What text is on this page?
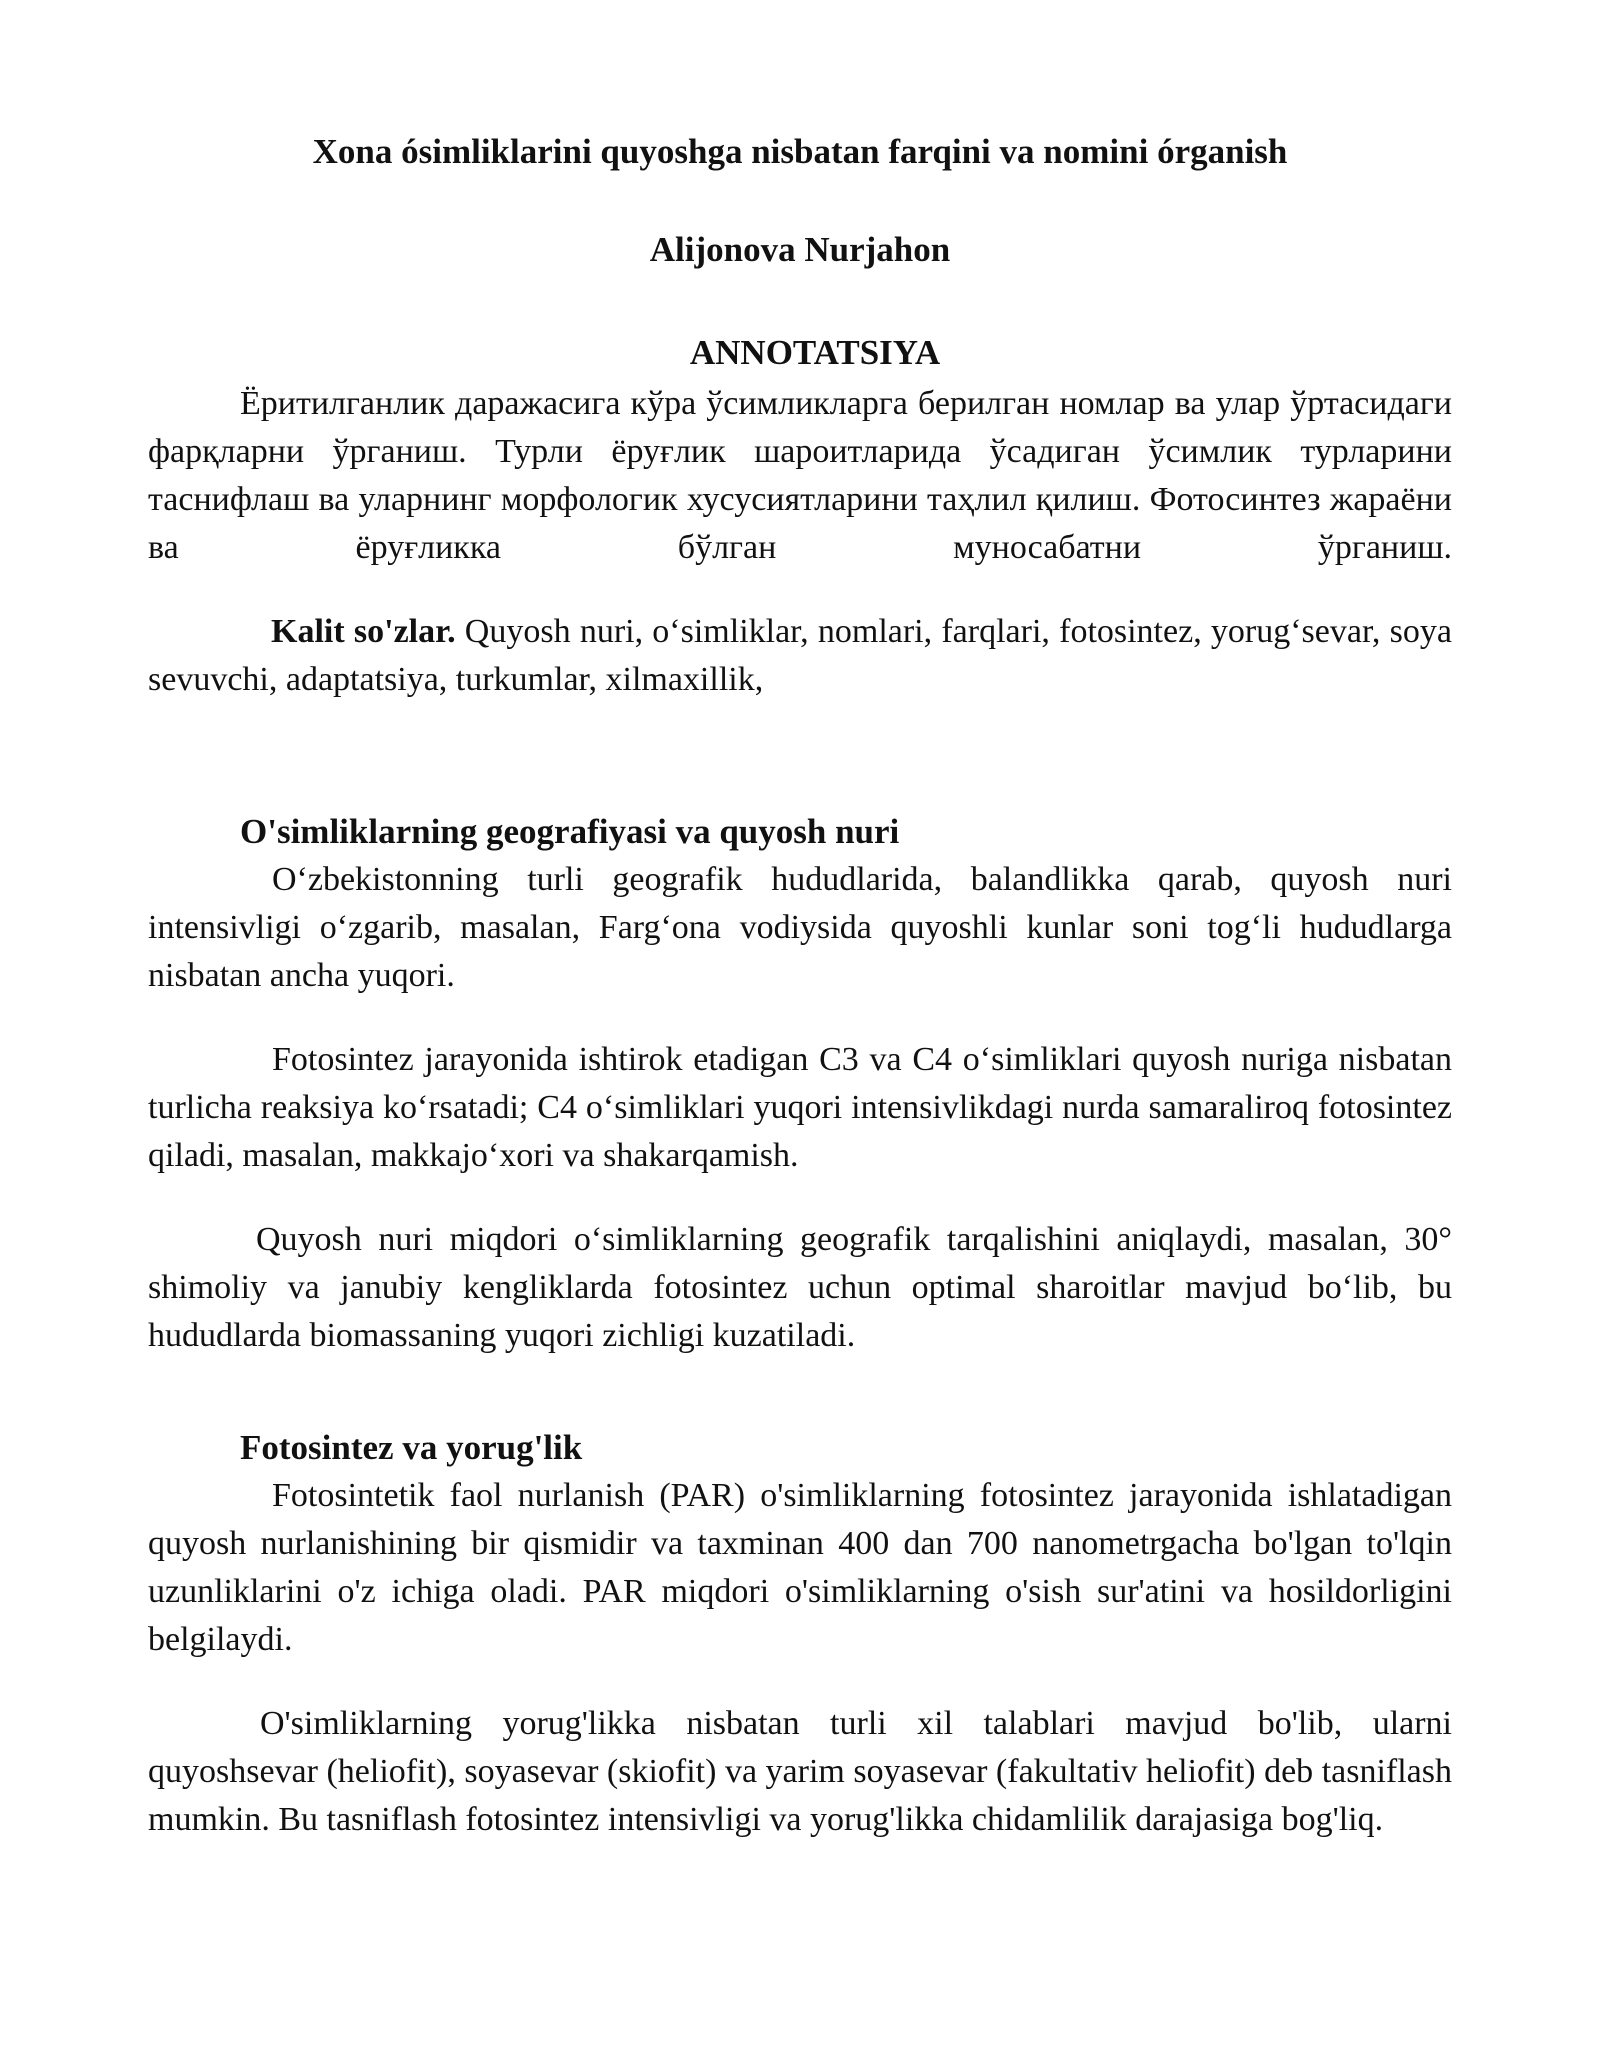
Xona ósimliklarini quyoshga nisbatan farqini va nomini órganish
Alijonova Nurjahon
ANNOTATSIYA

Ёритилганлик даражасига кўра ўсимликларга берилган номлар ва улар ўртасидаги фарқларни ўрганиш. Турли ёруғлик шароитларида ўсадиган ўсимлик турларини таснифлаш ва уларнинг морфологик хусусиятларини таҳлил қилиш. Фотосинтез жараёни ва ёруғликка бўлган муносабатни ўрганиш.

Kalit so'zlar. Quyosh nuri, o‘simliklar, nomlari, farqlari, fotosintez, yorug‘sevar, soya sevuvchi, adaptatsiya, turkumlar, xilmaxillik,

O'simliklarning geografiyasi va quyosh nuri

O‘zbekistonning turli geografik hududlarida, balandlikka qarab, quyosh nuri intensivligi o‘zgarib, masalan, Farg‘ona vodiysida quyoshli kunlar soni tog‘li hududlarga nisbatan ancha yuqori.

Fotosintez jarayonida ishtirok etadigan C3 va C4 o‘simliklari quyosh nuriga nisbatan turlicha reaksiya ko‘rsatadi; C4 o‘simliklari yuqori intensivlikdagi nurda samaraliroq fotosintez qiladi, masalan, makkajo‘xori va shakarqamish.

Quyosh nuri miqdori o‘simliklarning geografik tarqalishini aniqlaydi, masalan, 30° shimoliy va janubiy kengliklarda fotosintez uchun optimal sharoitlar mavjud bo‘lib, bu hududlarda biomassaning yuqori zichligi kuzatiladi.

Fotosintez va yorug'lik

Fotosintetik faol nurlanish (PAR) o'simliklarning fotosintez jarayonida ishlatadigan quyosh nurlanishining bir qismidir va taxminan 400 dan 700 nanometrgacha bo'lgan to'lqin uzunliklarini o'z ichiga oladi. PAR miqdori o'simliklarning o'sish sur'atini va hosildorligini belgilaydi.

O'simliklarning yorug'likka nisbatan turli xil talablari mavjud bo'lib, ularni quyoshsevar (heliofit), soyasevar (skiofit) va yarim soyasevar (fakultativ heliofit) deb tasniflash mumkin. Bu tasniflash fotosintez intensivligi va yorug'likka chidamlilik darajasiga bog'liq.
